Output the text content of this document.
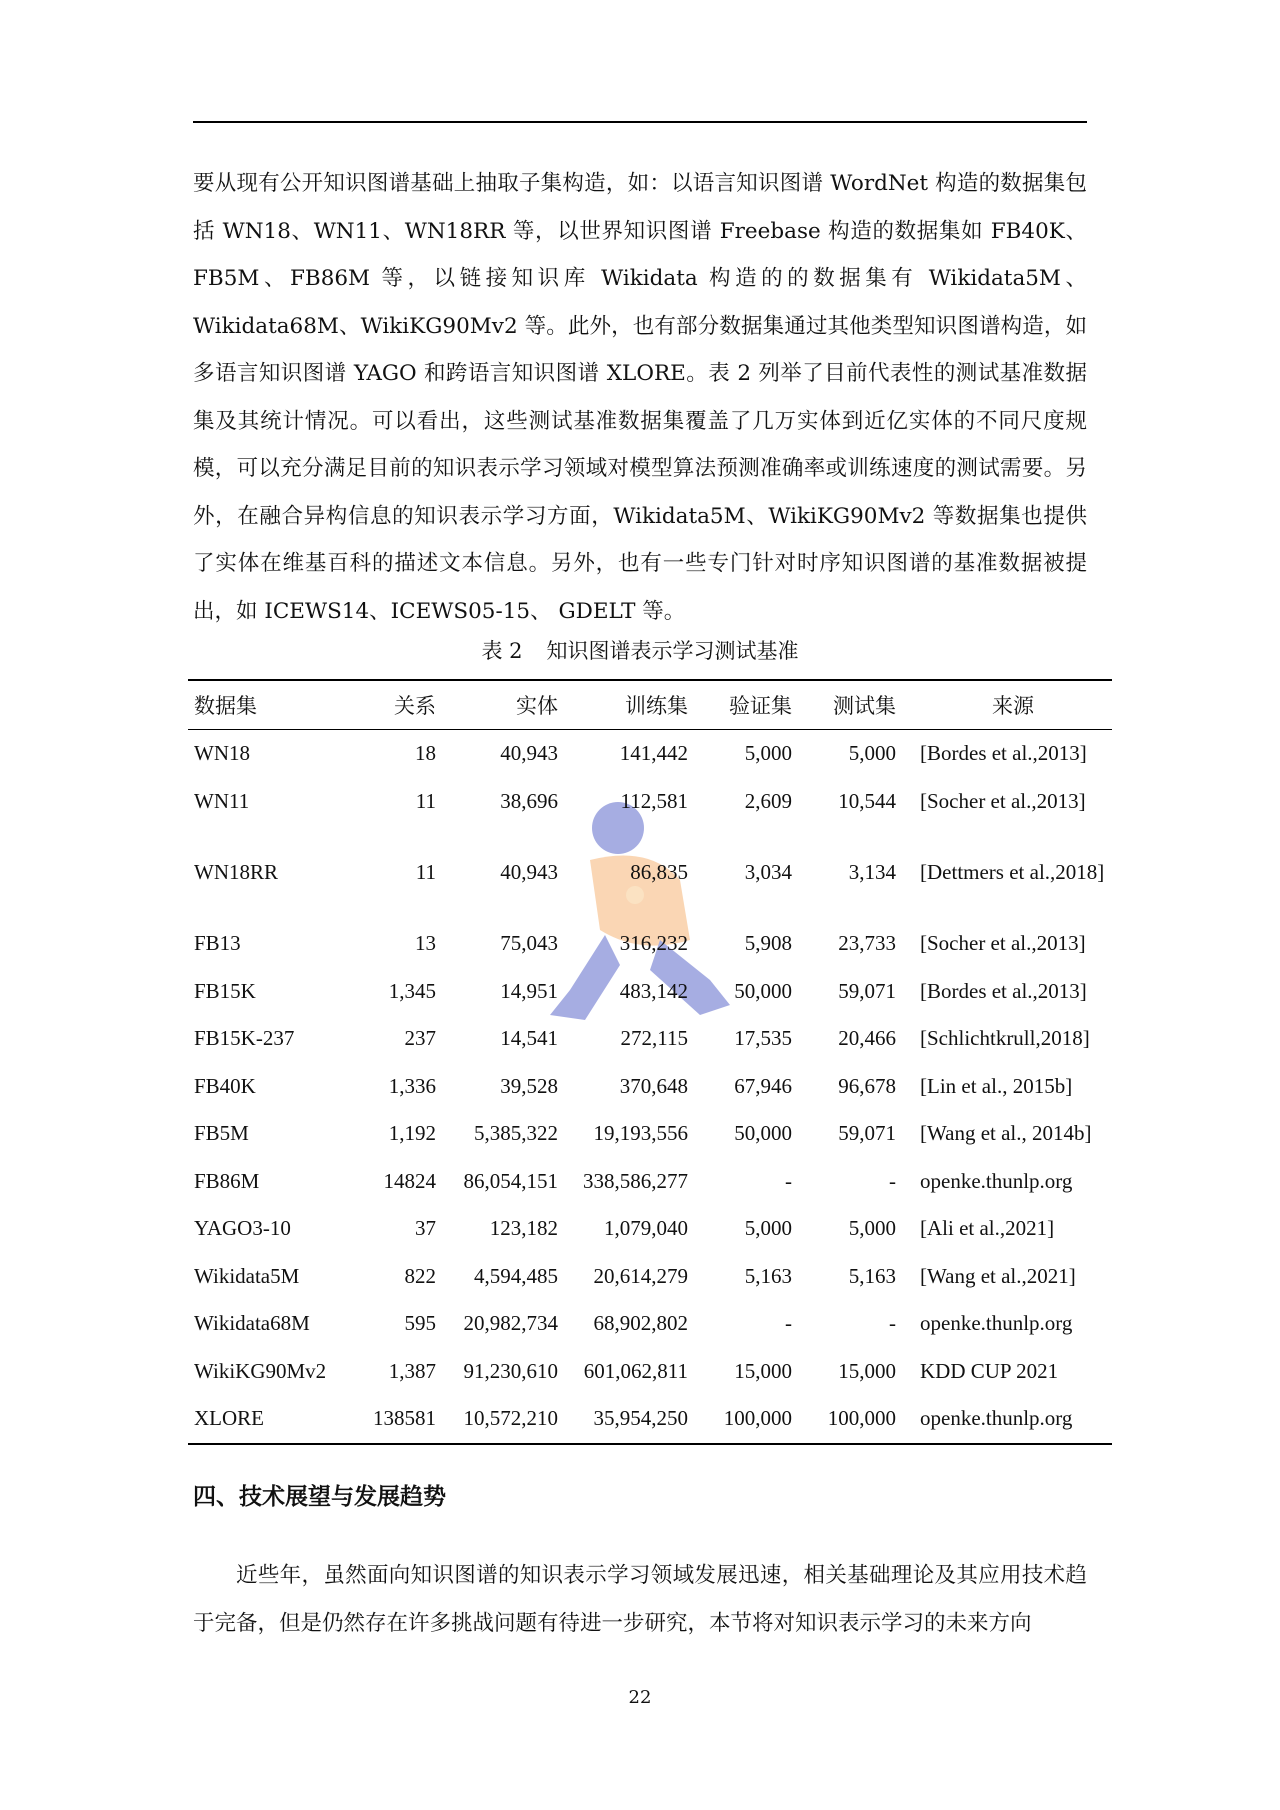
要从现有公开知识图谱基础上抽取子集构造，如：以语言知识图谱 WordNet 构造的数据集包括 WN18、WN11、WN18RR 等，以世界知识图谱 Freebase 构造的数据集如 FB40K、FB5M、FB86M 等，以链接知识库 Wikidata 构造的的数据集有 Wikidata5M、Wikidata68M、WikiKG90Mv2 等。此外，也有部分数据集通过其他类型知识图谱构造，如多语言知识图谱 YAGO 和跨语言知识图谱 XLORE。表 2 列举了目前代表性的测试基准数据集及其统计情况。可以看出，这些测试基准数据集覆盖了几万实体到近亿实体的不同尺度规模，可以充分满足目前的知识表示学习领域对模型算法预测准确率或训练速度的测试需要。另外，在融合异构信息的知识表示学习方面，Wikidata5M、WikiKG90Mv2 等数据集也提供了实体在维基百科的描述文本信息。另外，也有一些专门针对时序知识图谱的基准数据被提出，如 ICEWS14、ICEWS05-15、 GDELT 等。
表 2 知识图谱表示学习测试基准
数据集	关系	实体	训练集	验证集	测试集	来源
WN18	18	40,943	141,442	5,000	5,000	[Bordes et al.,2013]
WN11	11	38,696	112,581	2,609	10,544	[Socher et al.,2013]
WN18RR	11	40,943	86,835	3,034	3,134	[Dettmers et al.,2018]
FB13	13	75,043	316,232	5,908	23,733	[Socher et al.,2013]
FB15K	1,345	14,951	483,142	50,000	59,071	[Bordes et al.,2013]
FB15K-237	237	14,541	272,115	17,535	20,466	[Schlichtkrull,2018]
FB40K	1,336	39,528	370,648	67,946	96,678	[Lin et al., 2015b]
FB5M	1,192	5,385,322	19,193,556	50,000	59,071	[Wang et al., 2014b]
FB86M	14824	86,054,151	338,586,277	-	-	openke.thunlp.org
YAGO3-10	37	123,182	1,079,040	5,000	5,000	[Ali et al.,2021]
Wikidata5M	822	4,594,485	20,614,279	5,163	5,163	[Wang et al.,2021]
Wikidata68M	595	20,982,734	68,902,802	-	-	openke.thunlp.org
WikiKG90Mv2	1,387	91,230,610	601,062,811	15,000	15,000	KDD CUP 2021
XLORE	138581	10,572,210	35,954,250	100,000	100,000	openke.thunlp.org
四、技术展望与发展趋势
近些年，虽然面向知识图谱的知识表示学习领域发展迅速，相关基础理论及其应用技术趋于完备，但是仍然存在许多挑战问题有待进一步研究，本节将对知识表示学习的未来方向
22
